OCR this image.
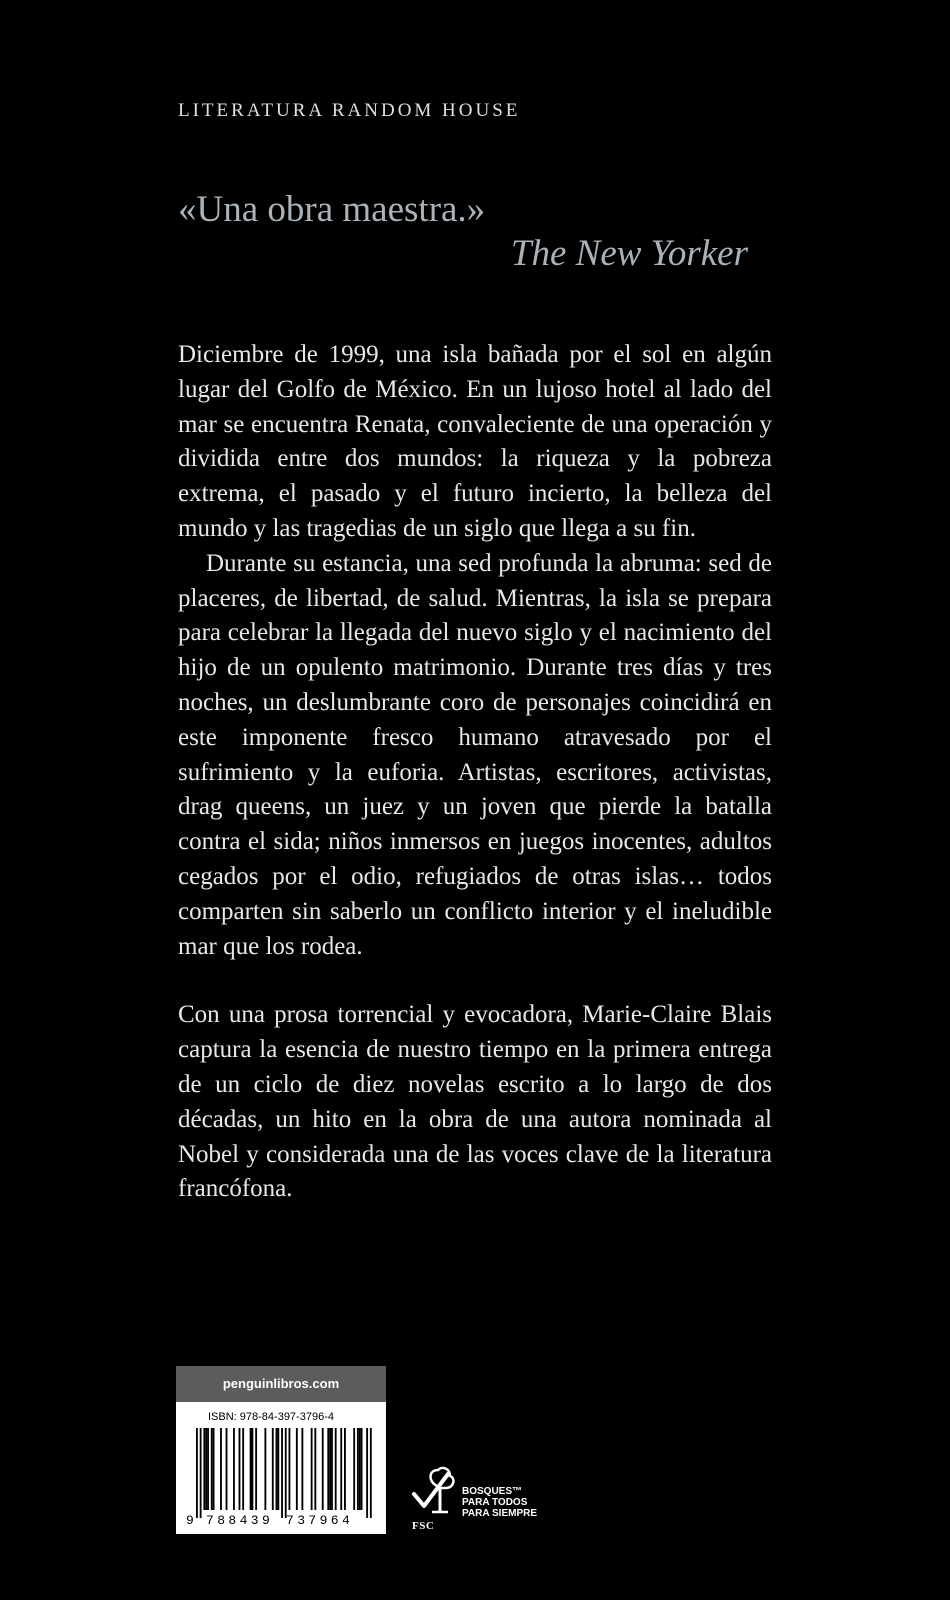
LITERATURA RANDOM HOUSE
«Una obra maestra.»
The New Yorker

Diciembre de 1999, una isla bañada por el sol en algún lugar del Golfo de México. En un lujoso hotel al lado del mar se encuentra Renata, convaleciente de una operación y dividida entre dos mundos: la riqueza y la pobreza extrema, el pasado y el futuro incierto, la belleza del mundo y las tragedias de un siglo que llega a su fin.

Durante su estancia, una sed profunda la abruma: sed de placeres, de libertad, de salud. Mientras, la isla se prepara para celebrar la llegada del nuevo siglo y el nacimiento del hijo de un opulento matrimonio. Durante tres días y tres noches, un deslumbrante coro de personajes coincidirá en este imponente fresco humano atravesado por el sufrimiento y la euforia. Artistas, escritores, activistas, drag queens, un juez y un joven que pierde la batalla contra el sida; niños inmersos en juegos inocentes, adultos cegados por el odio, refugiados de otras islas… todos comparten sin saberlo un conflicto interior y el ineludible mar que los rodea.

Con una prosa torrencial y evocadora, Marie-Claire Blais captura la esencia de nuestro tiempo en la primera entrega de un ciclo de diez novelas escrito a lo largo de dos décadas, un hito en la obra de una autora nominada al Nobel y considerada una de las voces clave de la literatura francófona.

penguinlibros.com
ISBN: 978-84-397-3796-4
9 788439 737964	FSC
BOSQUES™
PARA TODOS
PARA SIEMPRE
